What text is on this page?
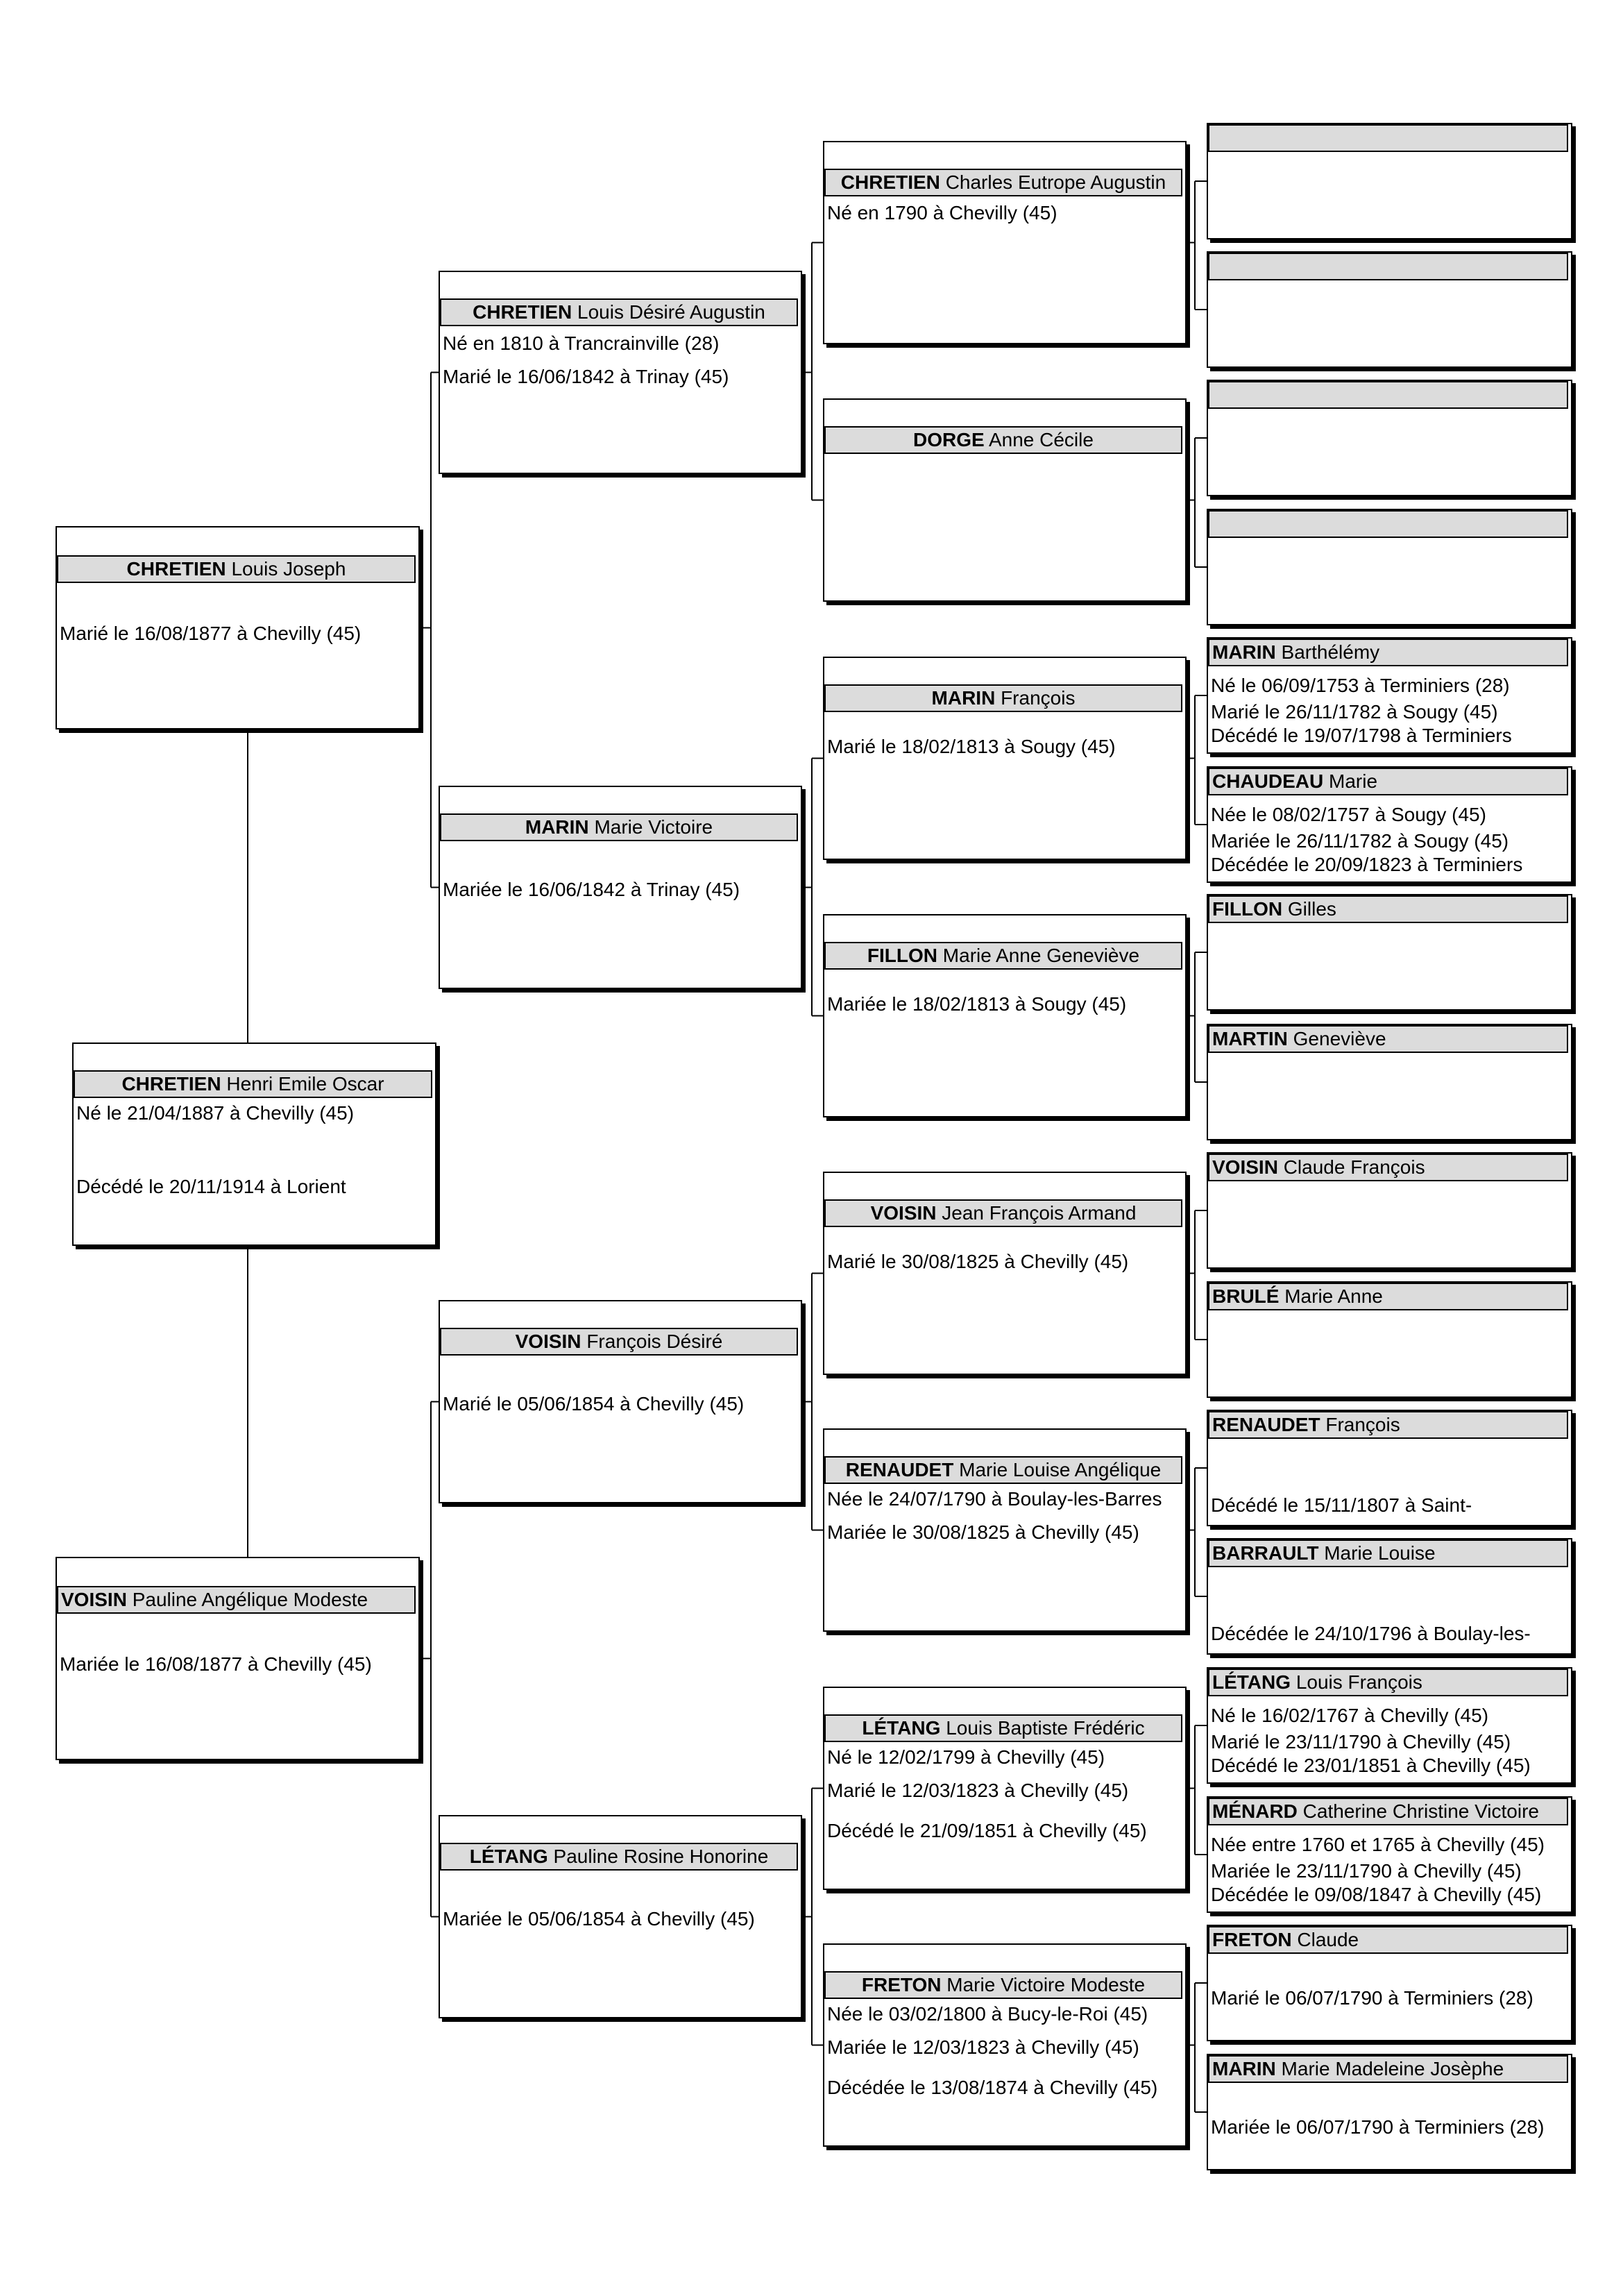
CHRETIEN Louis Joseph
Marié le 16/08/1877 à Chevilly (45)
VOISIN Pauline Angélique Modeste
Mariée le 16/08/1877 à Chevilly (45)
CHRETIEN Henri Emile Oscar
Né le 21/04/1887 à Chevilly (45)
Décédé le 20/11/1914 à Lorient
CHRETIEN Louis Désiré Augustin
Né en 1810 à Trancrainville (28)
Marié le 16/06/1842 à Trinay (45)
MARIN Marie Victoire
Mariée le 16/06/1842 à Trinay (45)
VOISIN François Désiré
Marié le 05/06/1854 à Chevilly (45)
LÉTANG Pauline Rosine Honorine
Mariée le 05/06/1854 à Chevilly (45)
CHRETIEN Charles Eutrope Augustin
Né en 1790 à Chevilly (45)
DORGE Anne Cécile
MARIN François
Marié le 18/02/1813 à Sougy (45)
FILLON Marie Anne Geneviève
Mariée le 18/02/1813 à Sougy (45)
VOISIN Jean François Armand
Marié le 30/08/1825 à Chevilly (45)
RENAUDET Marie Louise Angélique
Née le 24/07/1790 à Boulay-les-Barres
Mariée le 30/08/1825 à Chevilly (45)
LÉTANG Louis Baptiste Frédéric
Né le 12/02/1799 à Chevilly (45)
Marié le 12/03/1823 à Chevilly (45)
Décédé le 21/09/1851 à Chevilly (45)
FRETON Marie Victoire Modeste
Née le 03/02/1800 à Bucy-le-Roi (45)
Mariée le 12/03/1823 à Chevilly (45)
Décédée le 13/08/1874 à Chevilly (45)
MARIN Barthélémy
Né le 06/09/1753 à Terminiers (28)
Marié le 26/11/1782 à Sougy (45)
Décédé le 19/07/1798 à Terminiers
CHAUDEAU Marie
Née le 08/02/1757 à Sougy (45)
Mariée le 26/11/1782 à Sougy (45)
Décédée le 20/09/1823 à Terminiers
FILLON Gilles
MARTIN Geneviève
VOISIN Claude François
BRULÉ Marie Anne
RENAUDET François
Décédé le 15/11/1807 à Saint-
BARRAULT Marie Louise
Décédée le 24/10/1796 à Boulay-les-
LÉTANG Louis François
Né le 16/02/1767 à Chevilly (45)
Marié le 23/11/1790 à Chevilly (45)
Décédé le 23/01/1851 à Chevilly (45)
MÉNARD Catherine Christine Victoire
Née entre 1760 et 1765 à Chevilly (45)
Mariée le 23/11/1790 à Chevilly (45)
Décédée le 09/08/1847 à Chevilly (45)
FRETON Claude
Marié le 06/07/1790 à Terminiers (28)
MARIN Marie Madeleine Josèphe
Mariée le 06/07/1790 à Terminiers (28)
